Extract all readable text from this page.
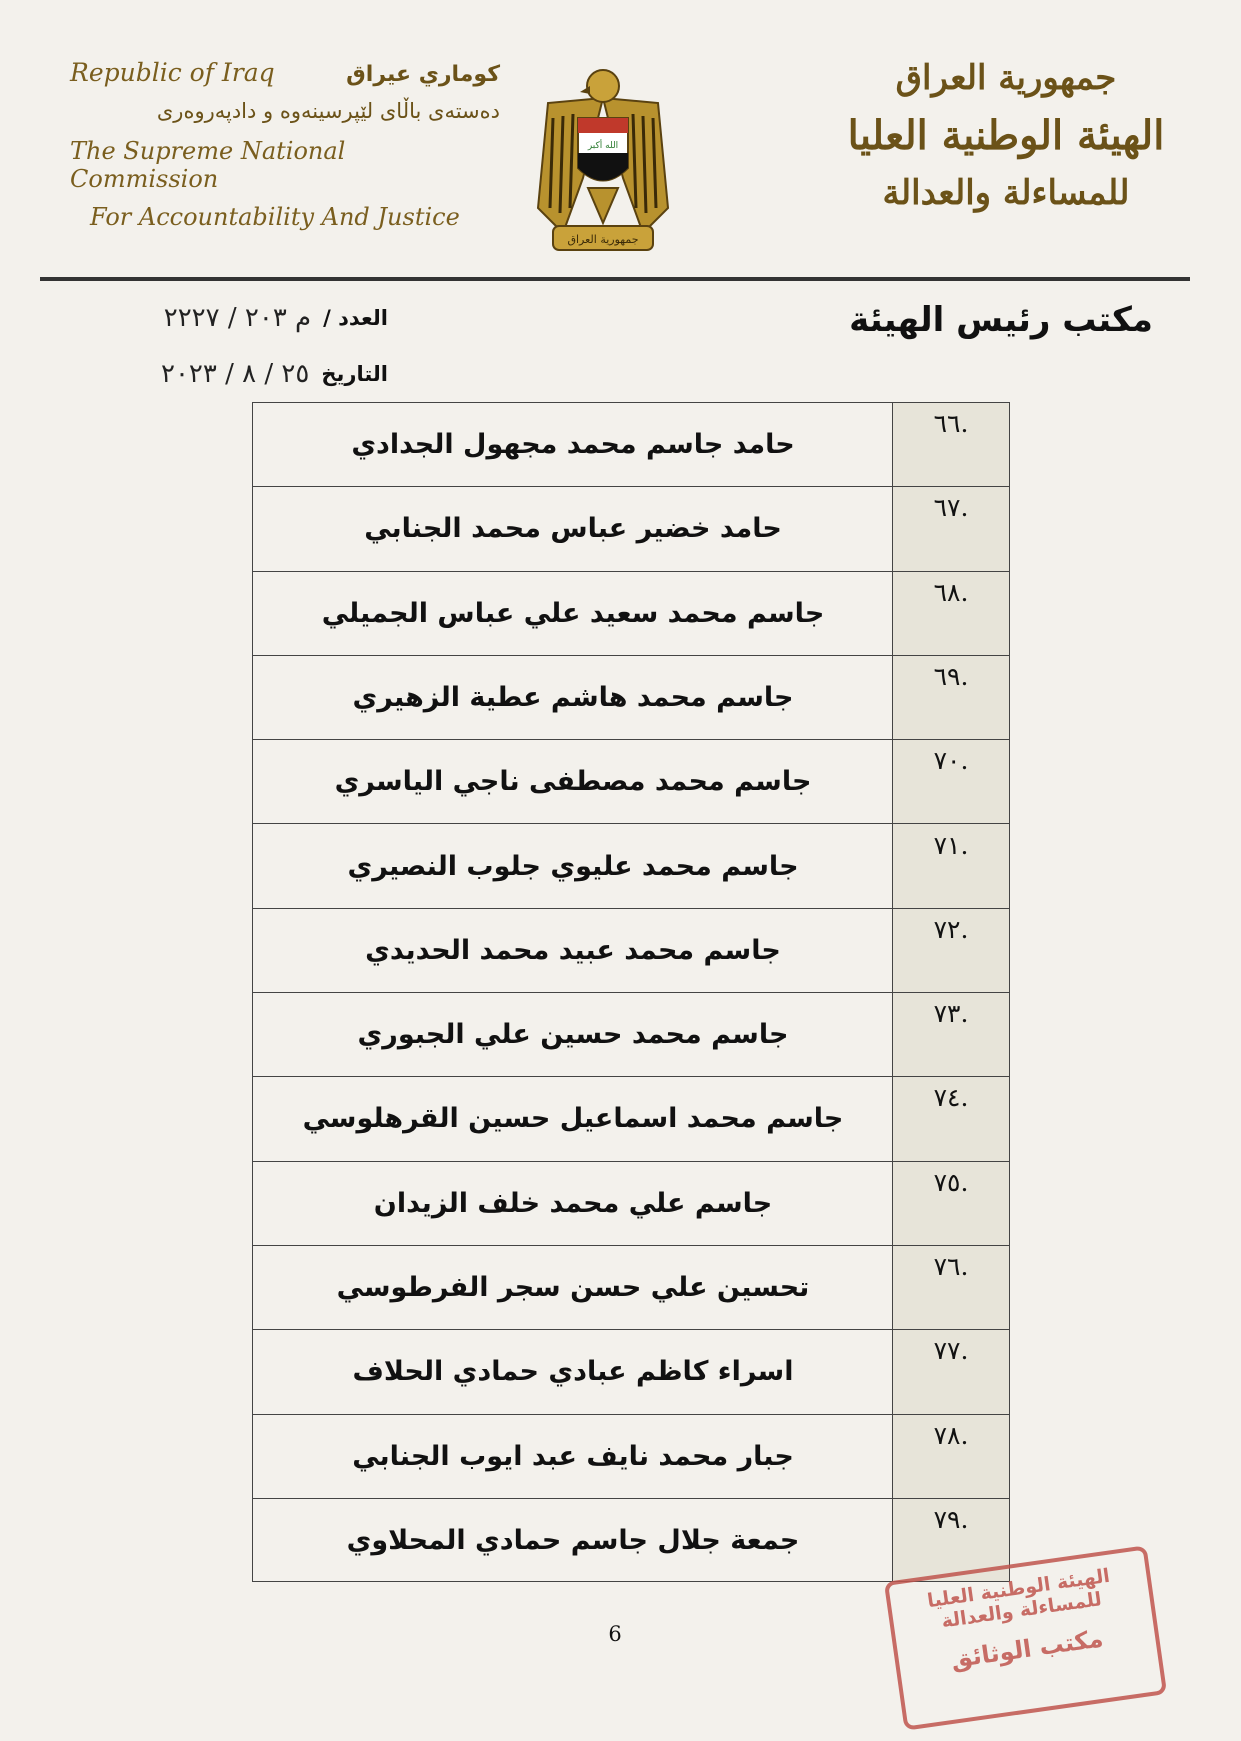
Republic of Iraq	كوماري عيراق
دەستەی باڵای لێپرسینەوە و دادپەروەری
The Supreme National Commission
For Accountability And Justice
الله أكبر
جمهورية العراق
جمهورية العراق
الهيئة الوطنية العليا
للمساءلة والعدالة
العدد /
م ٢٠٣ / ٢٢٢٧
التاريخ
٢٥ / ٨ / ٢٠٢٣
مكتب رئيس الهيئة
.٦٦
حامد جاسم محمد مجهول الجدادي
.٦٧
حامد خضير عباس محمد الجنابي
.٦٨
جاسم محمد سعيد علي عباس الجميلي
.٦٩
جاسم محمد هاشم عطية الزهيري
.٧٠
جاسم محمد مصطفى ناجي الياسري
.٧١
جاسم محمد عليوي جلوب النصيري
.٧٢
جاسم محمد عبيد محمد الحديدي
.٧٣
جاسم محمد حسين علي الجبوري
.٧٤
جاسم محمد اسماعيل حسين القرهلوسي
.٧٥
جاسم علي محمد خلف الزيدان
.٧٦
تحسين علي حسن سجر الفرطوسي
.٧٧
اسراء كاظم عبادي حمادي الحلاف
.٧٨
جبار محمد نايف عبد ايوب الجنابي
.٧٩
جمعة جلال جاسم حمادي المحلاوي
6
الهيئة الوطنية العليا للمساءلة والعدالة
مكتب الوثائق
